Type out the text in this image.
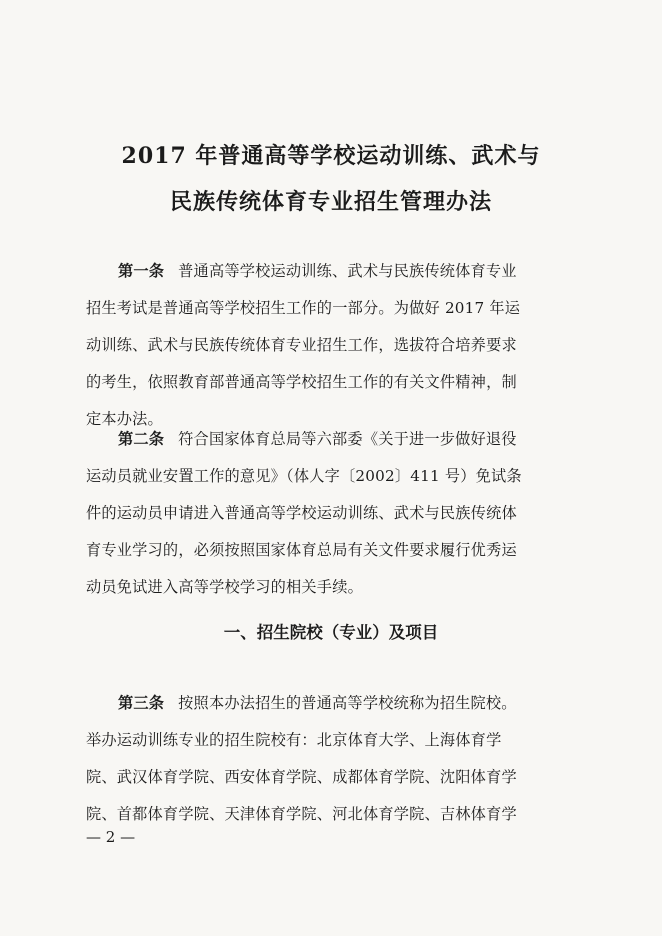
2017 年普通高等学校运动训练、武术与
民族传统体育专业招生管理办法
第一条 普通高等学校运动训练、武术与民族传统体育专业
招生考试是普通高等学校招生工作的一部分。为做好 2017 年运
动训练、武术与民族传统体育专业招生工作，选拔符合培养要求
的考生，依照教育部普通高等学校招生工作的有关文件精神，制
定本办法。
第二条 符合国家体育总局等六部委《关于进一步做好退役
运动员就业安置工作的意见》（体人字〔2002〕411 号）免试条
件的运动员申请进入普通高等学校运动训练、武术与民族传统体
育专业学习的，必须按照国家体育总局有关文件要求履行优秀运
动员免试进入高等学校学习的相关手续。
一、招生院校（专业）及项目
第三条 按照本办法招生的普通高等学校统称为招生院校。
举办运动训练专业的招生院校有：北京体育大学、上海体育学
院、武汉体育学院、西安体育学院、成都体育学院、沈阳体育学
院、首都体育学院、天津体育学院、河北体育学院、吉林体育学
— 2 —
